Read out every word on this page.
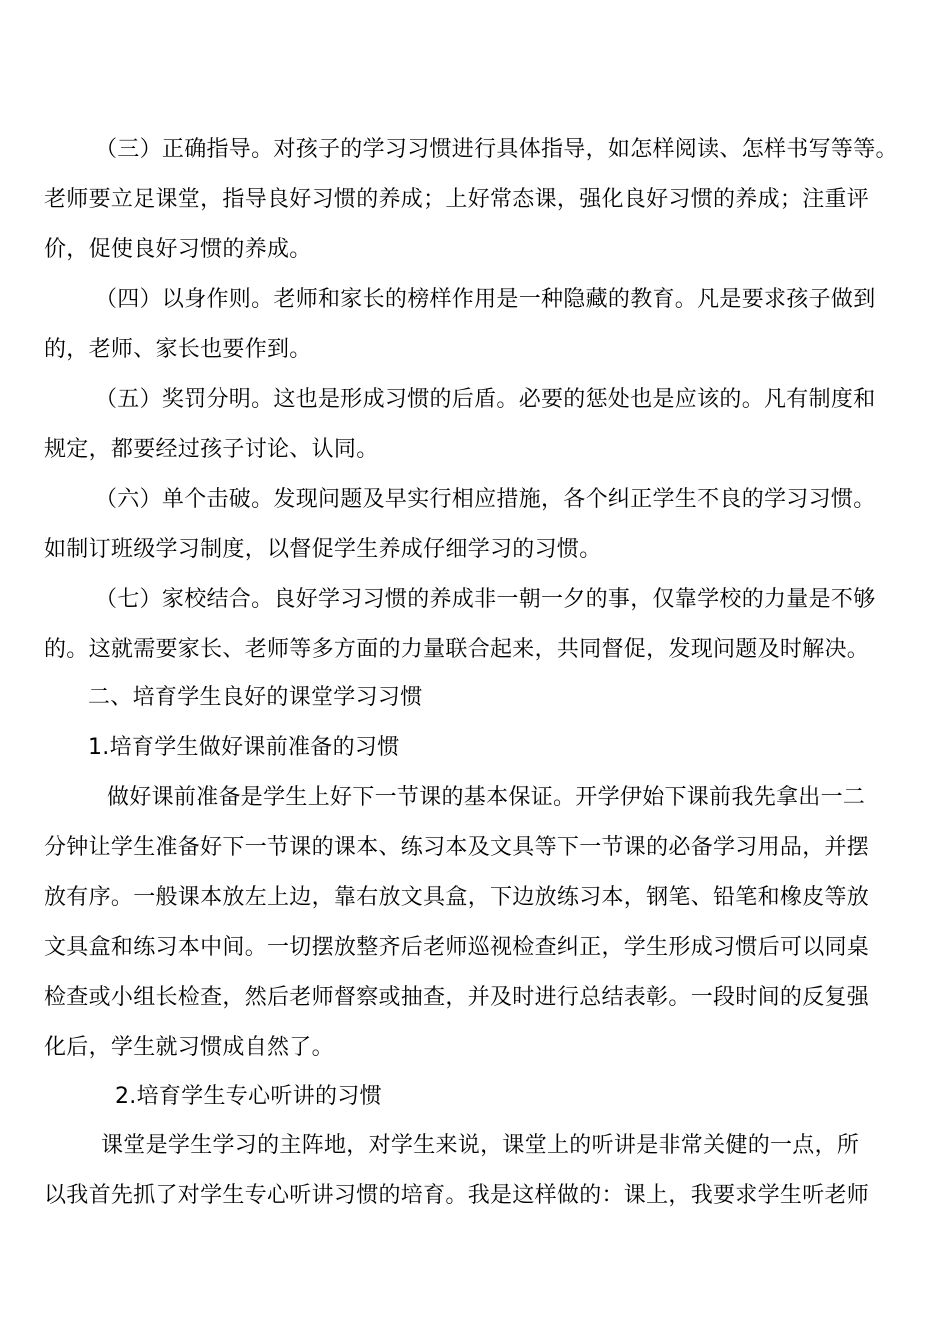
（三）正确指导。对孩子的学习习惯进行具体指导，如怎样阅读、怎样书写等等。
老师要立足课堂，指导良好习惯的养成；上好常态课，强化良好习惯的养成；注重评
价，促使良好习惯的养成。
（四）以身作则。老师和家长的榜样作用是一种隐藏的教育。凡是要求孩子做到
的，老师、家长也要作到。
（五）奖罚分明。这也是形成习惯的后盾。必要的惩处也是应该的。凡有制度和
规定，都要经过孩子讨论、认同。
（六）单个击破。发现问题及早实行相应措施，各个纠正学生不良的学习习惯。
如制订班级学习制度，以督促学生养成仔细学习的习惯。
（七）家校结合。良好学习习惯的养成非一朝一夕的事，仅靠学校的力量是不够
的。这就需要家长、老师等多方面的力量联合起来，共同督促，发现问题及时解决。
二、培育学生良好的课堂学习习惯
1.培育学生做好课前准备的习惯
做好课前准备是学生上好下一节课的基本保证。开学伊始下课前我先拿出一二
分钟让学生准备好下一节课的课本、练习本及文具等下一节课的必备学习用品，并摆
放有序。一般课本放左上边，靠右放文具盒，下边放练习本，钢笔、铅笔和橡皮等放
文具盒和练习本中间。一切摆放整齐后老师巡视检查纠正，学生形成习惯后可以同桌
检查或小组长检查，然后老师督察或抽查，并及时进行总结表彰。一段时间的反复强
化后，学生就习惯成自然了。
2.培育学生专心听讲的习惯
课堂是学生学习的主阵地，对学生来说，课堂上的听讲是非常关健的一点，所
以我首先抓了对学生专心听讲习惯的培育。我是这样做的：课上，我要求学生听老师
